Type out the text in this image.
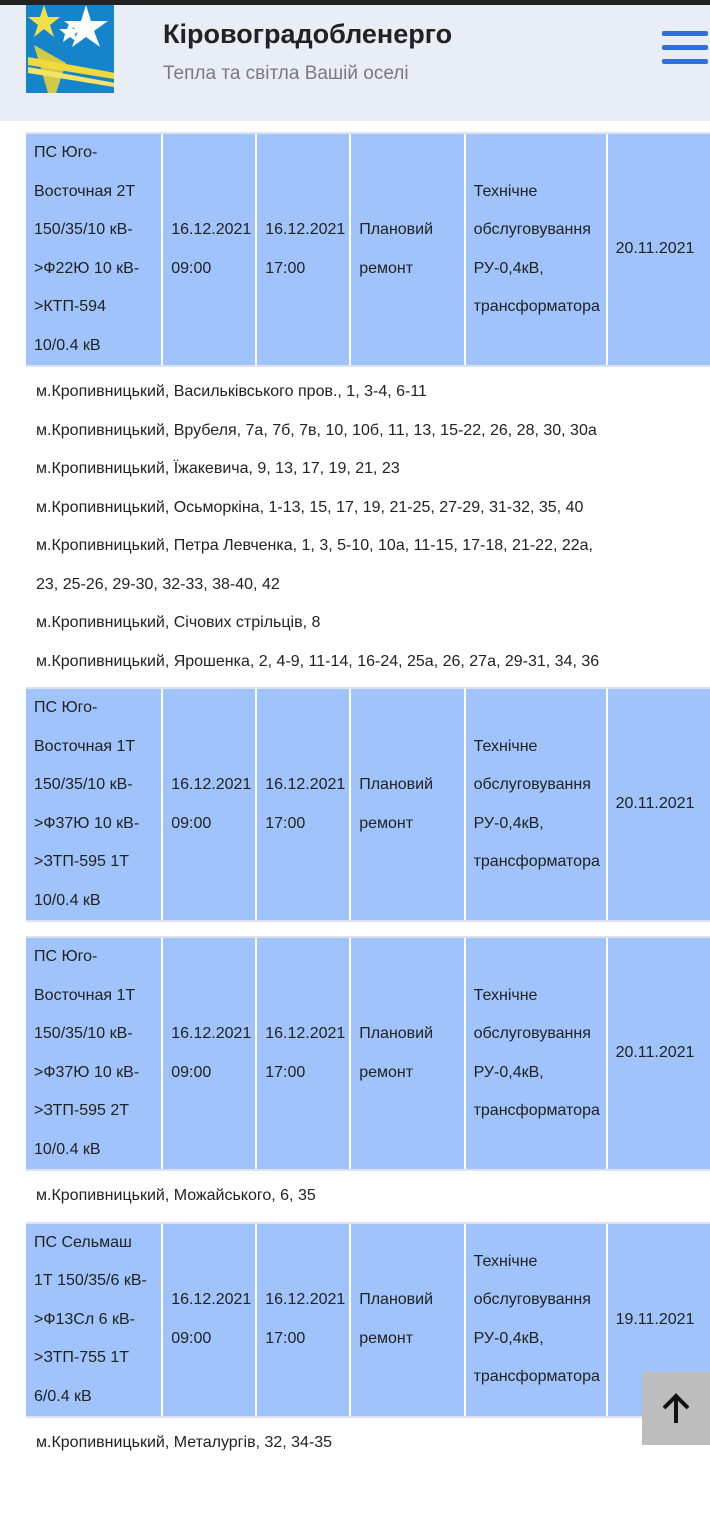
Кіровоградобленерго
Тепла та світла Вашій оселі
ПС Юго-Восточная 2Т 150/35/10 кВ->Ф22Ю 10 кВ->КТП-594 10/0.4 кВ
16.12.2021 09:00
16.12.2021 17:00
Плановий ремонт
Технічне обслуговування РУ-0,4кВ, трансформатора
20.11.2021
м.Кропивницький, Васильківського пров., 1, 3-4, 6-11
м.Кропивницький, Врубеля, 7а, 7б, 7в, 10, 10б, 11, 13, 15-22, 26, 28, 30, 30а
м.Кропивницький, Їжакевича, 9, 13, 17, 19, 21, 23
м.Кропивницький, Осьморкіна, 1-13, 15, 17, 19, 21-25, 27-29, 31-32, 35, 40
м.Кропивницький, Петра Левченка, 1, 3, 5-10, 10а, 11-15, 17-18, 21-22, 22а, 23, 25-26, 29-30, 32-33, 38-40, 42
м.Кропивницький, Січових стрільців, 8
м.Кропивницький, Ярошенка, 2, 4-9, 11-14, 16-24, 25а, 26, 27а, 29-31, 34, 36
ПС Юго-Восточная 1Т 150/35/10 кВ->Ф37Ю 10 кВ->ЗТП-595 1Т 10/0.4 кВ
16.12.2021 09:00
16.12.2021 17:00
Плановий ремонт
Технічне обслуговування РУ-0,4кВ, трансформатора
20.11.2021
ПС Юго-Восточная 1Т 150/35/10 кВ->Ф37Ю 10 кВ->ЗТП-595 2Т 10/0.4 кВ
16.12.2021 09:00
16.12.2021 17:00
Плановий ремонт
Технічне обслуговування РУ-0,4кВ, трансформатора
20.11.2021
м.Кропивницький, Можайського, 6, 35
ПС Сельмаш 1Т 150/35/6 кВ->Ф13Сл 6 кВ->ЗТП-755 1Т 6/0.4 кВ
16.12.2021 09:00
16.12.2021 17:00
Плановий ремонт
Технічне обслуговування РУ-0,4кВ, трансформатора
19.11.2021
м.Кропивницький, Металургів, 32, 34-35
